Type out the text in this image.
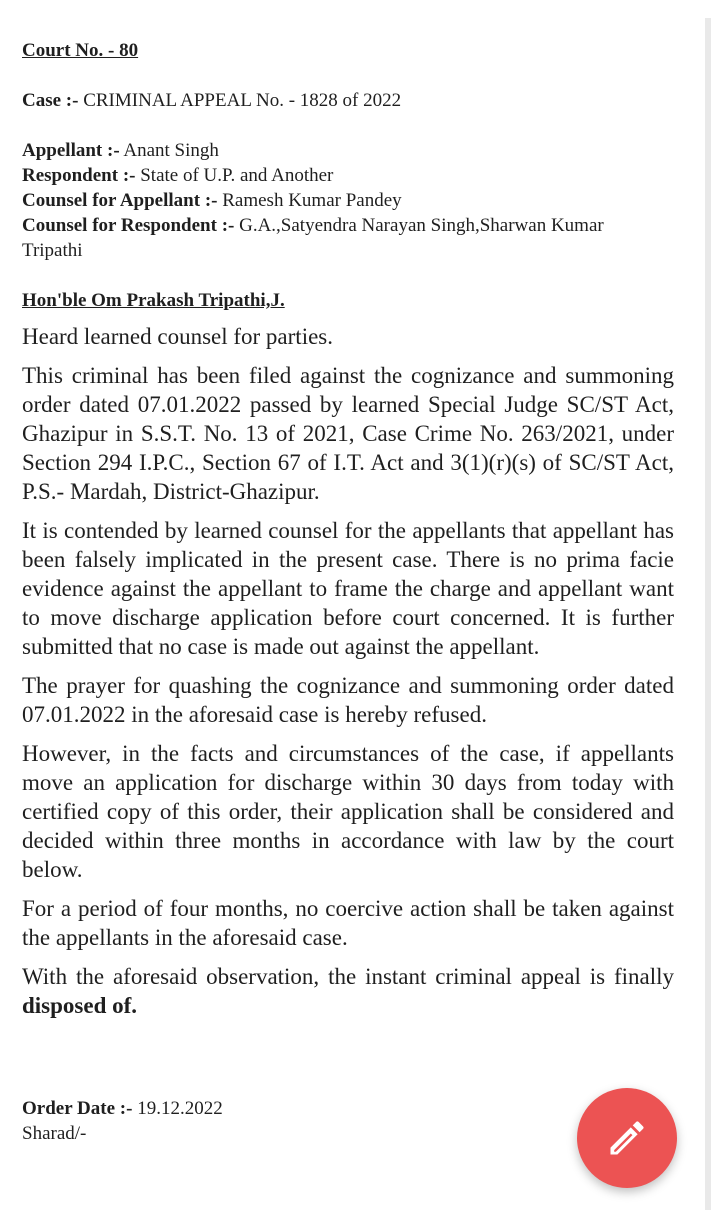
Court No. - 80
Case :- CRIMINAL APPEAL No. - 1828 of 2022
Appellant :- Anant Singh
Respondent :- State of U.P. and Another
Counsel for Appellant :- Ramesh Kumar Pandey
Counsel for Respondent :- G.A.,Satyendra Narayan Singh,Sharwan Kumar Tripathi
Hon'ble Om Prakash Tripathi,J.

Heard learned counsel for parties.

This criminal has been filed against the cognizance and summoning order dated 07.01.2022 passed by learned Special Judge SC/ST Act, Ghazipur in S.S.T. No. 13 of 2021, Case Crime No. 263/2021, under Section 294 I.P.C., Section 67 of I.T. Act and 3(1)(r)(s) of SC/ST Act, P.S.- Mardah, District-Ghazipur.

It is contended by learned counsel for the appellants that appellant has been falsely implicated in the present case. There is no prima facie evidence against the appellant to frame the charge and appellant want to move discharge application before court concerned. It is further submitted that no case is made out against the appellant.

The prayer for quashing the cognizance and summoning order dated 07.01.2022 in the aforesaid case is hereby refused.

However, in the facts and circumstances of the case, if appellants move an application for discharge within 30 days from today with certified copy of this order, their application shall be considered and decided within three months in accordance with law by the court below.

For a period of four months, no coercive action shall be taken against the appellants in the aforesaid case.

With the aforesaid observation, the instant criminal appeal is finally disposed of.

Order Date :- 19.12.2022
Sharad/-
